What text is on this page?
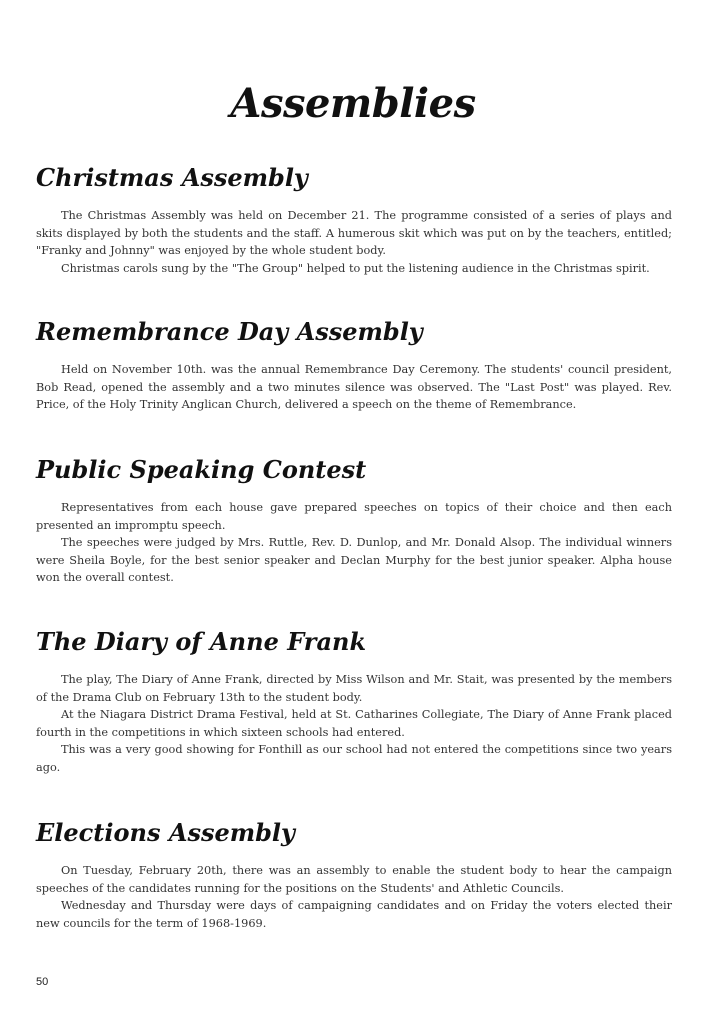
Assemblies
Christmas Assembly

The Christmas Assembly was held on December 21. The programme consisted of a series of plays and skits displayed by both the students and the staff. A humerous skit which was put on by the teachers, entitled; "Franky and Johnny" was enjoyed by the whole student body.

Christmas carols sung by the "The Group" helped to put the listening audience in the Christmas spirit.

Remembrance Day Assembly

Held on November 10th. was the annual Remembrance Day Ceremony. The students' council president, Bob Read, opened the assembly and a two minutes silence was observed. The "Last Post" was played. Rev. Price, of the Holy Trinity Anglican Church, delivered a speech on the theme of Remembrance.

Public Speaking Contest

Representatives from each house gave prepared speeches on topics of their choice and then each presented an impromptu speech.

The speeches were judged by Mrs. Ruttle, Rev. D. Dunlop, and Mr. Donald Alsop. The individual winners were Sheila Boyle, for the best senior speaker and Declan Murphy for the best junior speaker. Alpha house won the overall contest.

The Diary of Anne Frank

The play, The Diary of Anne Frank, directed by Miss Wilson and Mr. Stait, was presented by the members of the Drama Club on February 13th to the student body.

At the Niagara District Drama Festival, held at St. Catharines Collegiate, The Diary of Anne Frank placed fourth in the competitions in which sixteen schools had entered.

This was a very good showing for Fonthill as our school had not entered the competitions since two years ago.

Elections Assembly

On Tuesday, February 20th, there was an assembly to enable the student body to hear the campaign speeches of the candidates running for the positions on the Students' and Athletic Councils.

Wednesday and Thursday were days of campaigning candidates and on Friday the voters elected their new councils for the term of 1968-1969.

50
